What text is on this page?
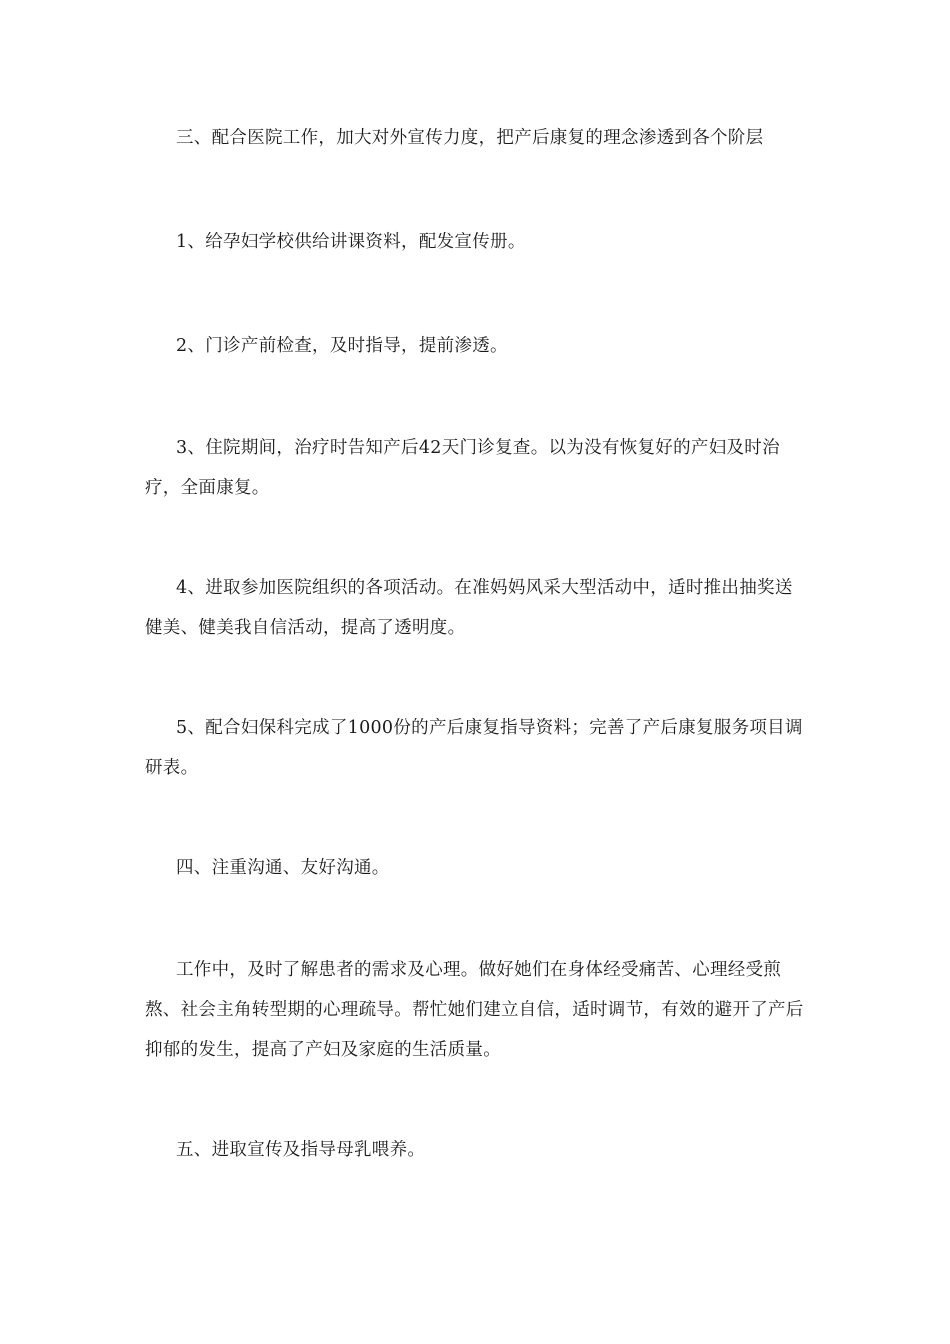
三、配合医院工作，加大对外宣传力度，把产后康复的理念渗透到各个阶层

1、给孕妇学校供给讲课资料，配发宣传册。

2、门诊产前检查，及时指导，提前渗透。

3、住院期间，治疗时告知产后42天门诊复查。以为没有恢复好的产妇及时治疗，全面康复。

4、进取参加医院组织的各项活动。在准妈妈风采大型活动中，适时推出抽奖送健美、健美我自信活动，提高了透明度。

5、配合妇保科完成了1000份的产后康复指导资料；完善了产后康复服务项目调研表。

四、注重沟通、友好沟通。

工作中，及时了解患者的需求及心理。做好她们在身体经受痛苦、心理经受煎熬、社会主角转型期的心理疏导。帮忙她们建立自信，适时调节，有效的避开了产后抑郁的发生，提高了产妇及家庭的生活质量。

五、进取宣传及指导母乳喂养。
